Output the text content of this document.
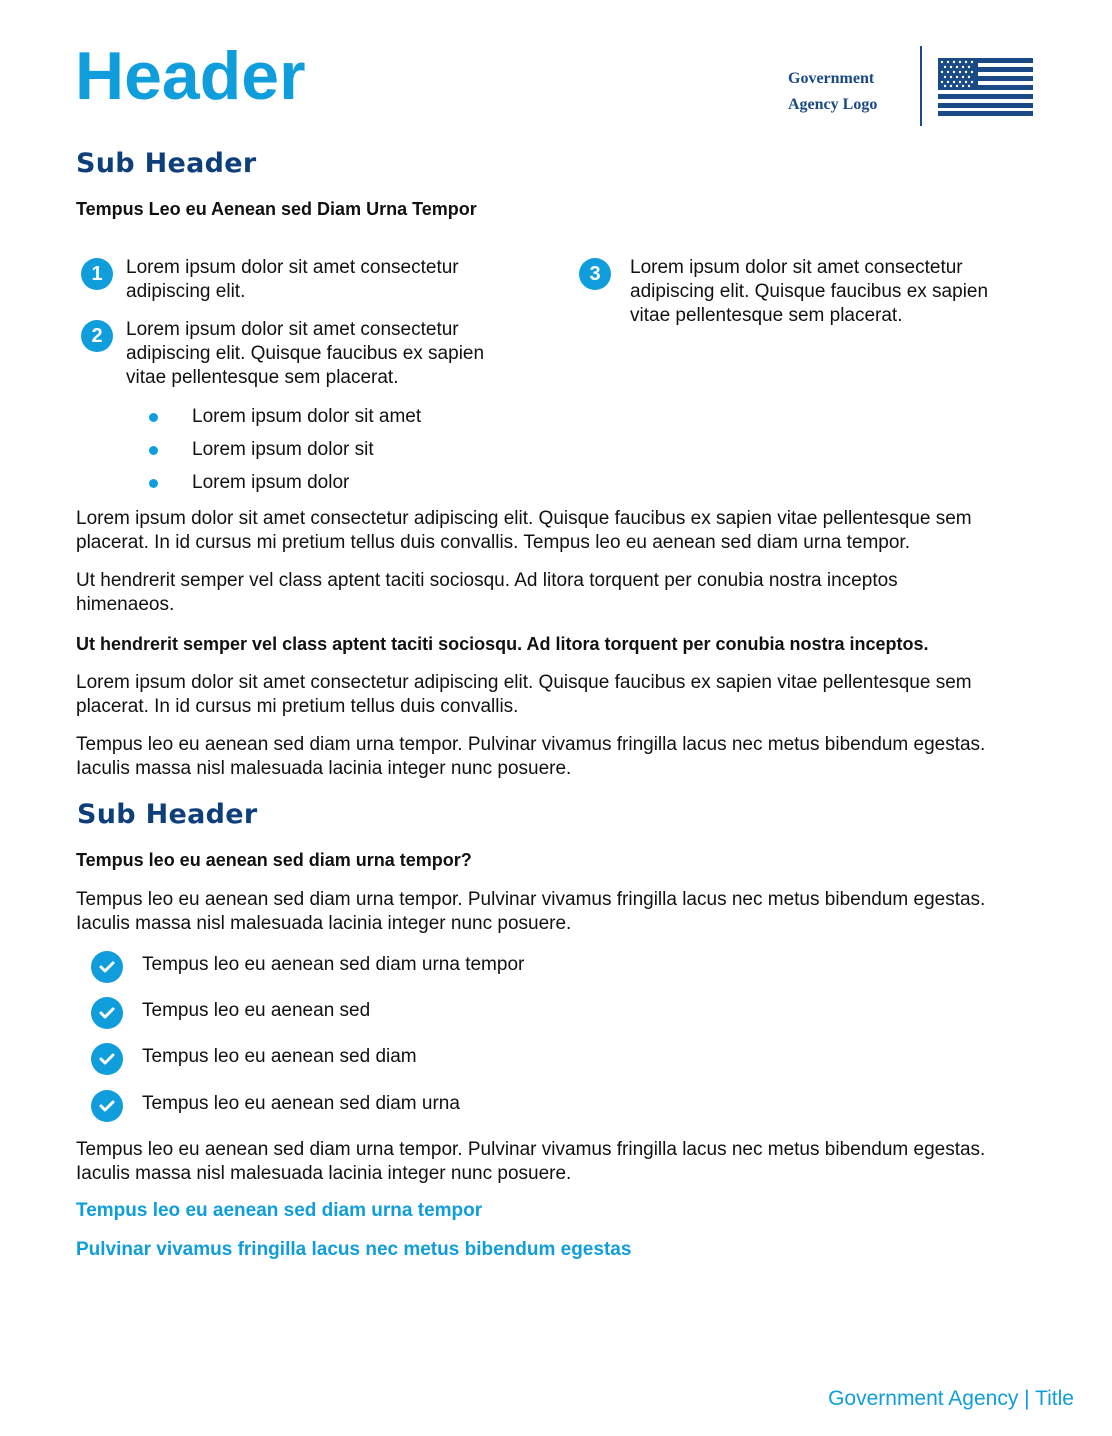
Header	Government
Agency Logo
Sub Header

Tempus Leo eu Aenean sed Diam Urna Tempor

1	Lorem ipsum dolor sit amet consectetur
adipiscing elit.
2	Lorem ipsum dolor sit amet consectetur
adipiscing elit. Quisque faucibus ex sapien
vitae pellentesque sem placerat.
3	Lorem ipsum dolor sit amet consectetur
adipiscing elit. Quisque faucibus ex sapien
vitae pellentesque sem placerat.
Lorem ipsum dolor sit amet
Lorem ipsum dolor sit
Lorem ipsum dolor
Lorem ipsum dolor sit amet consectetur adipiscing elit. Quisque faucibus ex sapien vitae pellentesque sem
placerat. In id cursus mi pretium tellus duis convallis. Tempus leo eu aenean sed diam urna tempor.
Ut hendrerit semper vel class aptent taciti sociosqu. Ad litora torquent per conubia nostra inceptos
himenaeos.
Ut hendrerit semper vel class aptent taciti sociosqu. Ad litora torquent per conubia nostra inceptos.
Lorem ipsum dolor sit amet consectetur adipiscing elit. Quisque faucibus ex sapien vitae pellentesque sem
placerat. In id cursus mi pretium tellus duis convallis.
Tempus leo eu aenean sed diam urna tempor. Pulvinar vivamus fringilla lacus nec metus bibendum egestas.
Iaculis massa nisl malesuada lacinia integer nunc posuere.
Sub Header

Tempus leo eu aenean sed diam urna tempor?

Tempus leo eu aenean sed diam urna tempor. Pulvinar vivamus fringilla lacus nec metus bibendum egestas.
Iaculis massa nisl malesuada lacinia integer nunc posuere.
Tempus leo eu aenean sed diam urna tempor
Tempus leo eu aenean sed
Tempus leo eu aenean sed diam
Tempus leo eu aenean sed diam urna
Tempus leo eu aenean sed diam urna tempor. Pulvinar vivamus fringilla lacus nec metus bibendum egestas.
Iaculis massa nisl malesuada lacinia integer nunc posuere.
Tempus leo eu aenean sed diam urna tempor
Pulvinar vivamus fringilla lacus nec metus bibendum egestas
Government Agency | Title
